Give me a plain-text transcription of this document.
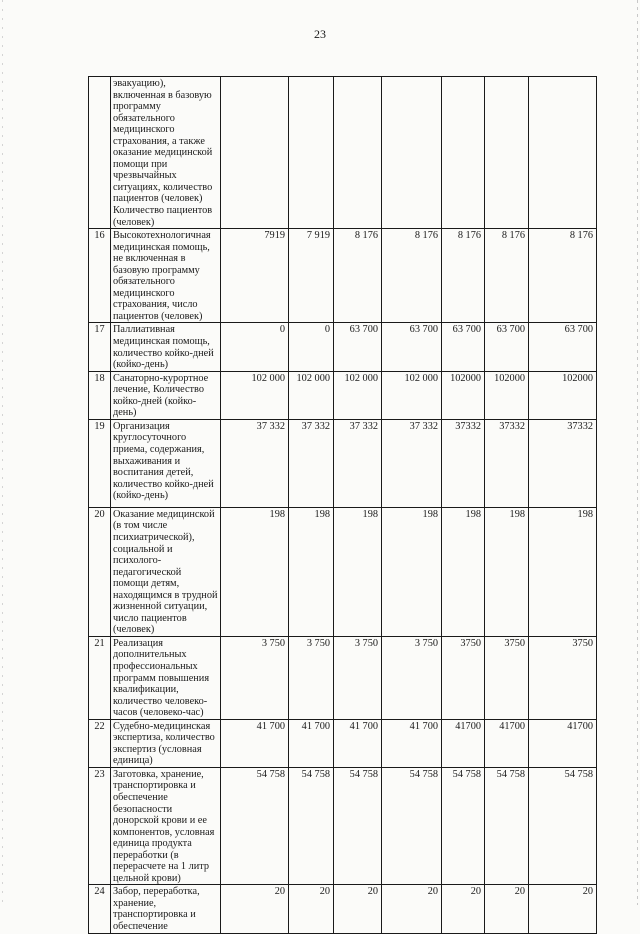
23
	эвакуацию), включенная в базовую программу обязательного медицинского страхования, а также оказание медицинской помощи при чрезвычайных ситуациях, количество пациентов (человек) Количество пациентов (человек)							
16	Высокотехнологичная медицинская помощь, не включенная в базовую программу обязательного медицинского страхования, число пациентов (человек)	7919	7 919	8 176	8 176	8 176	8 176	8 176
17	Паллиативная медицинская помощь, количество койко-дней (койко-день)	0	0	63 700	63 700	63 700	63 700	63 700
18	Санаторно-курортное лечение, Количество койко-дней (койко-день)	102 000	102 000	102 000	102 000	102000	102000	102000
19	Организация круглосуточного приема, содержания, выхаживания и воспитания детей, количество койко-дней (койко-день)	37 332	37 332	37 332	37 332	37332	37332	37332
20	Оказание медицинской (в том числе психиатрической), социальной и психолого-педагогической помощи детям, находящимся в трудной жизненной ситуации, число пациентов (человек)	198	198	198	198	198	198	198
21	Реализация дополнительных профессиональных программ повышения квалификации, количество человеко-часов (человеко-час)	3 750	3 750	3 750	3 750	3750	3750	3750
22	Судебно-медицинская экспертиза, количество экспертиз (условная единица)	41 700	41 700	41 700	41 700	41700	41700	41700
23	Заготовка, хранение, транспортировка и обеспечение безопасности донорской крови и ее компонентов, условная единица продукта переработки (в перерасчете на 1 литр цельной крови)	54 758	54 758	54 758	54 758	54 758	54 758	54 758
24	Забор, переработка, хранение, транспортировка и обеспечение	20	20	20	20	20	20	20
